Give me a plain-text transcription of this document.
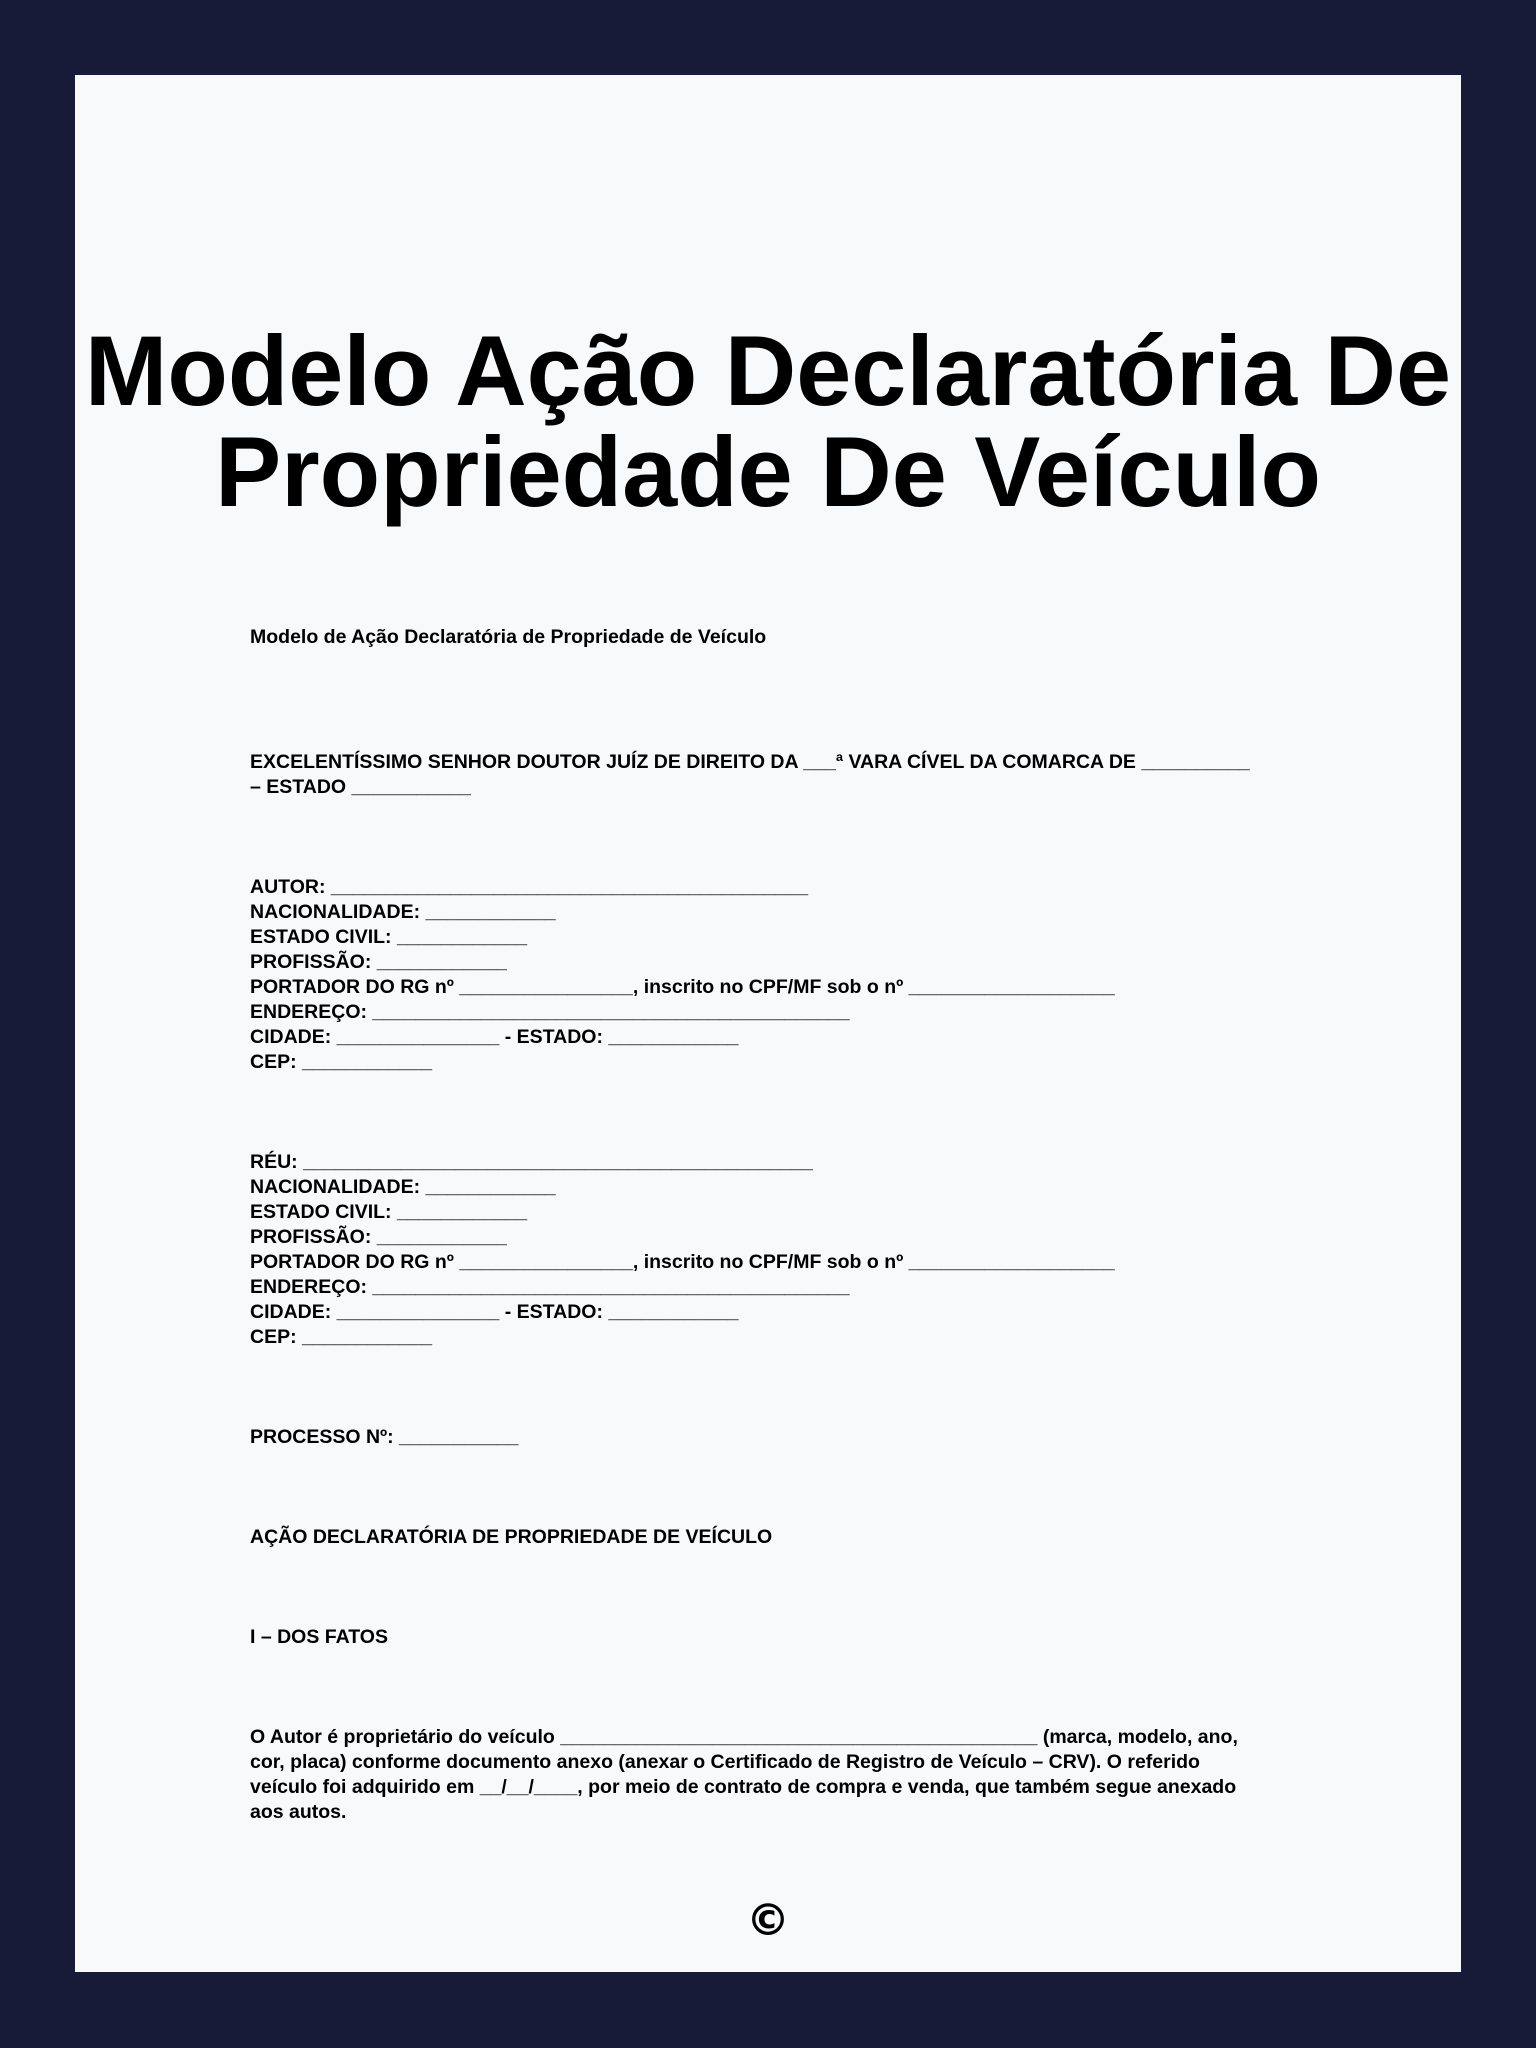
Modelo Ação Declaratória De
Propriedade De Veículo

Modelo de Ação Declaratória de Propriedade de Veículo

EXCELENTÍSSIMO SENHOR DOUTOR JUÍZ DE DIREITO DA ___ª VARA CÍVEL DA COMARCA DE __________

– ESTADO ___________

AUTOR: ____________________________________________

NACIONALIDADE: ____________

ESTADO CIVIL: ____________

PROFISSÃO: ____________

PORTADOR DO RG nº ________________, inscrito no CPF/MF sob o nº ___________________

ENDEREÇO: ____________________________________________

CIDADE: _______________ - ESTADO: ____________

CEP: ____________

RÉU: _______________________________________________

NACIONALIDADE: ____________

ESTADO CIVIL: ____________

PROFISSÃO: ____________

PORTADOR DO RG nº ________________, inscrito no CPF/MF sob o nº ___________________

ENDEREÇO: ____________________________________________

CIDADE: _______________ - ESTADO: ____________

CEP: ____________

PROCESSO Nº: ___________

AÇÃO DECLARATÓRIA DE PROPRIEDADE DE VEÍCULO

I – DOS FATOS

O Autor é proprietário do veículo ____________________________________________ (marca, modelo, ano,

cor, placa) conforme documento anexo (anexar o Certificado de Registro de Veículo – CRV). O referido

veículo foi adquirido em __/__/____, por meio de contrato de compra e venda, que também segue anexado

aos autos.

©
